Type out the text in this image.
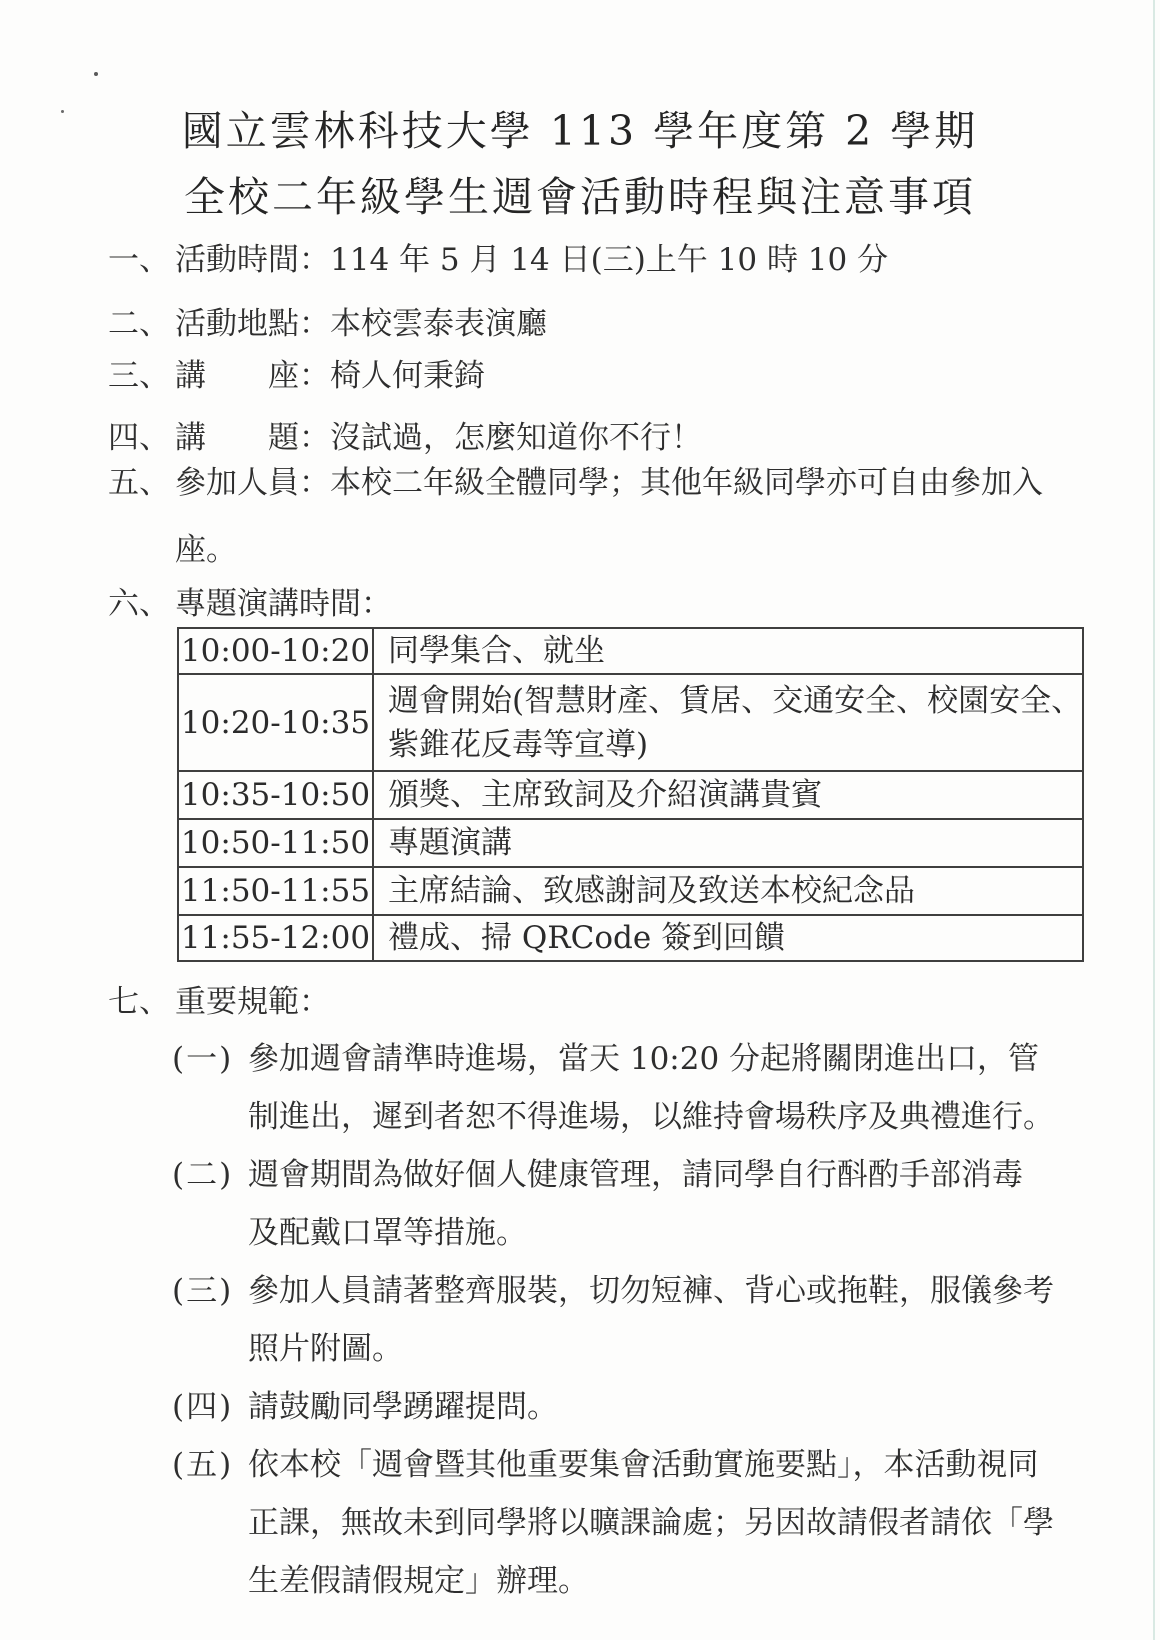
國立雲林科技大學 113 學年度第 2 學期
全校二年級學生週會活動時程與注意事項
一、 活動時間：114 年 5 月 14 日(三)上午 10 時 10 分
二、 活動地點：本校雲泰表演廳
三、 講　　座：椅人何秉錡
四、 講　　題：沒試過，怎麼知道你不行！
五、 參加人員：本校二年級全體同學；其他年級同學亦可自由參加入
座。
六、 專題演講時間：
10:00-10:20	同學集合、就坐

10:20-10:35	週會開始(智慧財產、賃居、交通安全、校園安全、
紫錐花反毒等宣導)

10:35-10:50	頒獎、主席致詞及介紹演講貴賓

10:50-11:50	專題演講

11:50-11:55	主席結論、致感謝詞及致送本校紀念品

11:55-12:00	禮成、掃 QRCode 簽到回饋
七、 重要規範：
(一) 參加週會請準時進場，當天 10:20 分起將關閉進出口，管
制進出，遲到者恕不得進場，以維持會場秩序及典禮進行。
(二) 週會期間為做好個人健康管理，請同學自行酙酌手部消毒
及配戴口罩等措施。
(三) 參加人員請著整齊服裝，切勿短褲、背心或拖鞋，服儀參考
照片附圖。
(四) 請鼓勵同學踴躍提問。
(五) 依本校「週會暨其他重要集會活動實施要點」，本活動視同
正課，無故未到同學將以曠課論處；另因故請假者請依「學
生差假請假規定」辦理。
